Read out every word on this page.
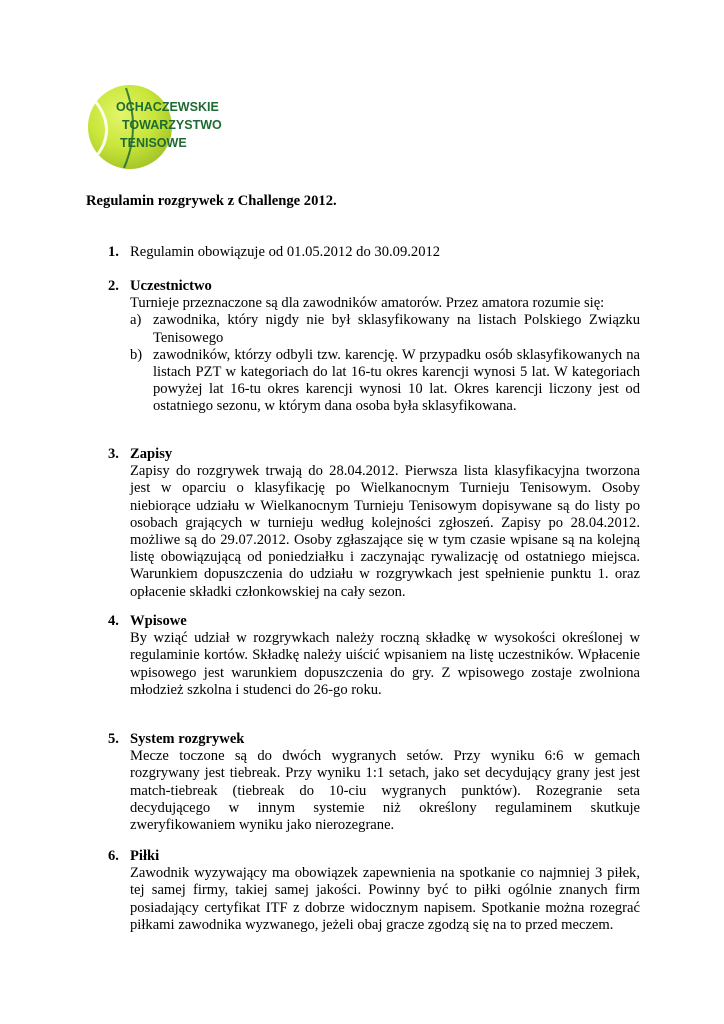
OCHACZEWSKIE
TOWARZYSTWO
TENISOWE
Regulamin rozgrywek z Challenge 2012.
1. Regulamin obowiązuje od 01.05.2012 do 30.09.2012
2. Uczestnictwo
Turnieje przeznaczone są dla zawodników amatorów. Przez amatora rozumie się:
a) zawodnika, który nigdy nie był sklasyfikowany na listach Polskiego Związku Tenisowego
b) zawodników, którzy odbyli tzw. karencję. W przypadku osób sklasyfikowanych na listach PZT w kategoriach do lat 16-tu okres karencji wynosi 5 lat. W kategoriach powyżej lat 16-tu okres karencji wynosi 10 lat. Okres karencji liczony jest od ostatniego sezonu, w którym dana osoba była sklasyfikowana.
3. Zapisy
Zapisy do rozgrywek trwają do 28.04.2012. Pierwsza lista klasyfikacyjna tworzona jest w oparciu o klasyfikację po Wielkanocnym Turnieju Tenisowym. Osoby niebiorące udziału w Wielkanocnym Turnieju Tenisowym dopisywane są do listy po osobach grających w turnieju według kolejności zgłoszeń. Zapisy po 28.04.2012. możliwe są do 29.07.2012. Osoby zgłaszające się w tym czasie wpisane są na kolejną listę obowiązującą od poniedziałku i zaczynając rywalizację od ostatniego miejsca. Warunkiem dopuszczenia do udziału w rozgrywkach jest spełnienie punktu 1. oraz opłacenie składki członkowskiej na cały sezon.
4. Wpisowe
By wziąć udział w rozgrywkach należy roczną składkę w wysokości określonej w regulaminie kortów. Składkę należy uiścić wpisaniem na listę uczestników. Wpłacenie wpisowego jest warunkiem dopuszczenia do gry. Z wpisowego zostaje zwolniona młodzież szkolna i studenci do 26-go roku.
5. System rozgrywek
Mecze toczone są do dwóch wygranych setów. Przy wyniku 6:6 w gemach rozgrywany jest tiebreak. Przy wyniku 1:1 setach, jako set decydujący grany jest jest match-tiebreak (tiebreak do 10-ciu wygranych punktów). Rozegranie seta decydującego w innym systemie niż określony regulaminem skutkuje zweryfikowaniem wyniku jako nierozegrane.
6. Piłki
Zawodnik wyzywający ma obowiązek zapewnienia na spotkanie co najmniej 3 piłek, tej samej firmy, takiej samej jakości. Powinny być to piłki ogólnie znanych firm posiadający certyfikat ITF z dobrze widocznym napisem. Spotkanie można rozegrać piłkami zawodnika wyzwanego, jeżeli obaj gracze zgodzą się na to przed meczem.
